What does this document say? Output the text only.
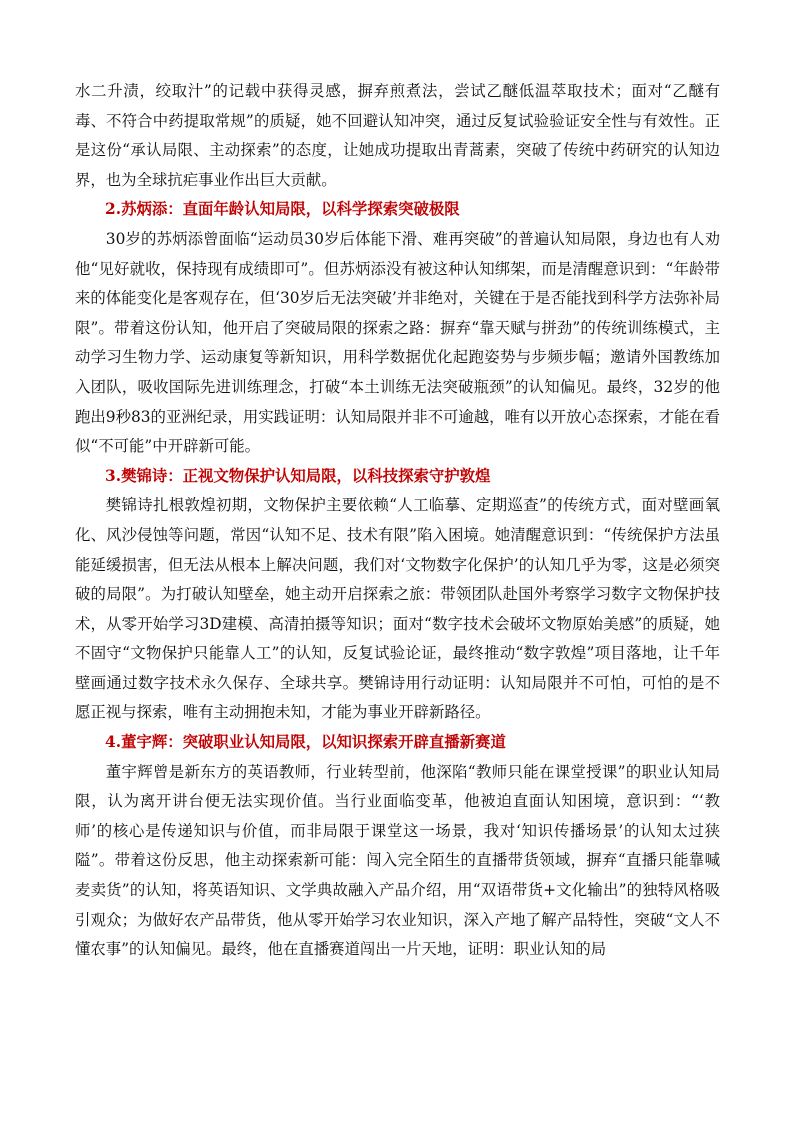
水二升渍，绞取汁”的记载中获得灵感，摒弃煎煮法，尝试乙醚低温萃取技术；面对“乙醚有毒、不符合中药提取常规”的质疑，她不回避认知冲突，通过反复试验验证安全性与有效性。正是这份“承认局限、主动探索”的态度，让她成功提取出青蒿素，突破了传统中药研究的认知边界，也为全球抗疟事业作出巨大贡献。

2.苏炳添：直面年龄认知局限，以科学探索突破极限

30岁的苏炳添曾面临“运动员30岁后体能下滑、难再突破”的普遍认知局限，身边也有人劝他“见好就收，保持现有成绩即可”。但苏炳添没有被这种认知绑架，而是清醒意识到：“年龄带来的体能变化是客观存在，但‘30岁后无法突破’并非绝对，关键在于是否能找到科学方法弥补局限”。带着这份认知，他开启了突破局限的探索之路：摒弃“靠天赋与拼劲”的传统训练模式，主动学习生物力学、运动康复等新知识，用科学数据优化起跑姿势与步频步幅；邀请外国教练加入团队，吸收国际先进训练理念，打破“本土训练无法突破瓶颈”的认知偏见。最终，32岁的他跑出9秒83的亚洲纪录，用实践证明：认知局限并非不可逾越，唯有以开放心态探索，才能在看似“不可能”中开辟新可能。

3.樊锦诗：正视文物保护认知局限，以科技探索守护敦煌

樊锦诗扎根敦煌初期，文物保护主要依赖“人工临摹、定期巡查”的传统方式，面对壁画氧化、风沙侵蚀等问题，常因“认知不足、技术有限”陷入困境。她清醒意识到：“传统保护方法虽能延缓损害，但无法从根本上解决问题，我们对‘文物数字化保护’的认知几乎为零，这是必须突破的局限”。为打破认知壁垒，她主动开启探索之旅：带领团队赴国外考察学习数字文物保护技术，从零开始学习3D建模、高清拍摄等知识；面对“数字技术会破坏文物原始美感”的质疑，她不固守“文物保护只能靠人工”的认知，反复试验论证，最终推动“数字敦煌”项目落地，让千年壁画通过数字技术永久保存、全球共享。樊锦诗用行动证明：认知局限并不可怕，可怕的是不愿正视与探索，唯有主动拥抱未知，才能为事业开辟新路径。

4.董宇辉：突破职业认知局限，以知识探索开辟直播新赛道

董宇辉曾是新东方的英语教师，行业转型前，他深陷“教师只能在课堂授课”的职业认知局限，认为离开讲台便无法实现价值。当行业面临变革，他被迫直面认知困境，意识到：“‘教师’的核心是传递知识与价值，而非局限于课堂这一场景，我对‘知识传播场景’的认知太过狭隘”。带着这份反思，他主动探索新可能：闯入完全陌生的直播带货领域，摒弃“直播只能靠喊麦卖货”的认知，将英语知识、文学典故融入产品介绍，用“双语带货+文化输出”的独特风格吸引观众；为做好农产品带货，他从零开始学习农业知识，深入产地了解产品特性，突破“文人不懂农事”的认知偏见。最终，他在直播赛道闯出一片天地，证明：职业认知的局
